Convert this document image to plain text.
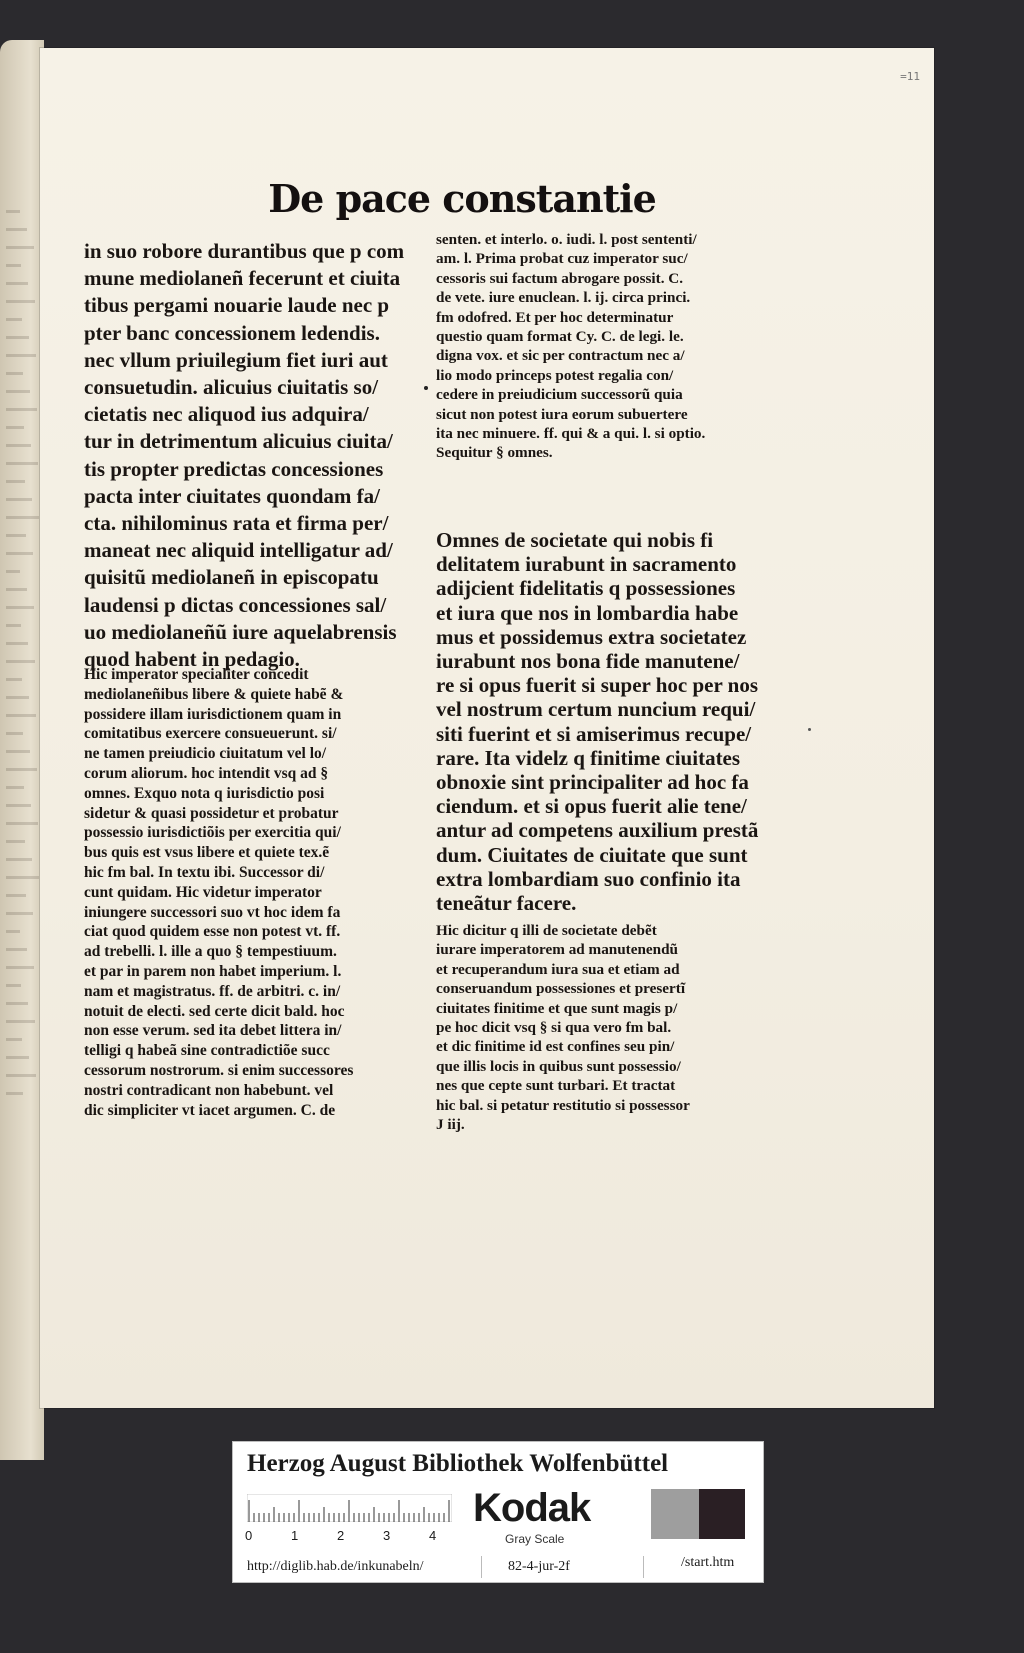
=11
De pace constantie
in suo robore durantibus que p com
mune mediolaneñ fecerunt et ciuita
tibus pergami nouarie laude nec p
pter banc concessionem ledendis.
nec vllum priuilegium fiet iuri aut
consuetudin. alicuius ciuitatis so/
cietatis nec aliquod ius adquira/
tur in detrimentum alicuius ciuita/
tis propter predictas concessiones
pacta inter ciuitates quondam fa/
cta. nihilominus rata et firma per/
maneat nec aliquid intelligatur ad/
quisitũ mediolaneñ in episcopatu
laudensi p dictas concessiones sal/
uo mediolaneñũ iure aquelabrensis
quod habent in pedagio.
Hic imperator specialiter concedit
mediolaneñibus libere & quiete habẽ &
possidere illam iurisdictionem quam in
comitatibus exercere consueuerunt. si/
ne tamen preiudicio ciuitatum vel lo/
corum aliorum. hoc intendit vsq ad §
omnes. Exquo nota q iurisdictio posi
sidetur & quasi possidetur et probatur
possessio iurisdictiõis per exercitia qui/
bus quis est vsus libere et quiete tex.ẽ
hic fm bal. In textu ibi. Successor di/
cunt quidam. Hic videtur imperator
iniungere successori suo vt hoc idem fa
ciat quod quidem esse non potest vt. ff.
ad trebelli. l. ille a quo § tempestiuum.
et par in parem non habet imperium. l.
nam et magistratus. ff. de arbitri. c. in/
notuit de electi. sed certe dicit bald. hoc
non esse verum. sed ita debet littera in/
telligi q habeã sine contradictiõe succ
cessorum nostrorum. si enim successores
nostri contradicant non habebunt. vel
dic simpliciter vt iacet argumen. C. de
senten. et interlo. o. iudi. l. post sententi/
am. l. Prima probat cuz imperator suc/
cessoris sui factum abrogare possit. C.
de vete. iure enuclean. l. ij. circa princi.
fm odofred. Et per hoc determinatur
questio quam format Cy. C. de legi. le.
digna vox. et sic per contractum nec a/
lio modo princeps potest regalia con/
cedere in preiudicium successorũ quia
sicut non potest iura eorum subuertere
ita nec minuere. ff. qui & a qui. l. si optio.
Sequitur § omnes.
Omnes de societate qui nobis fi
delitatem iurabunt in sacramento
adijcient fidelitatis q possessiones
et iura que nos in lombardia habe
mus et possidemus extra societatez
iurabunt nos bona fide manutene/
re si opus fuerit si super hoc per nos
vel nostrum certum nuncium requi/
siti fuerint et si amiserimus recupe/
rare. Ita videlz q finitime ciuitates
obnoxie sint principaliter ad hoc fa
ciendum. et si opus fuerit alie tene/
antur ad competens auxilium prestã
dum. Ciuitates de ciuitate que sunt
extra lombardiam suo confinio ita
teneãtur facere.
Hic dicitur q illi de societate debẽt
iurare imperatorem ad manutenendũ
et recuperandum iura sua et etiam ad
conseruandum possessiones et presertĩ
ciuitates finitime et que sunt magis p/
pe hoc dicit vsq § si qua vero fm bal.
et dic finitime id est confines seu pin/
que illis locis in quibus sunt possessio/
nes que cepte sunt turbari. Et tractat
hic bal. si petatur restitutio si possessor
J iij.
Herzog August Bibliothek Wolfenbüttel
0	1	2	3	4
Kodak
Gray Scale
http://diglib.hab.de/inkunabeln/	82-4-jur-2f	/start.htm
